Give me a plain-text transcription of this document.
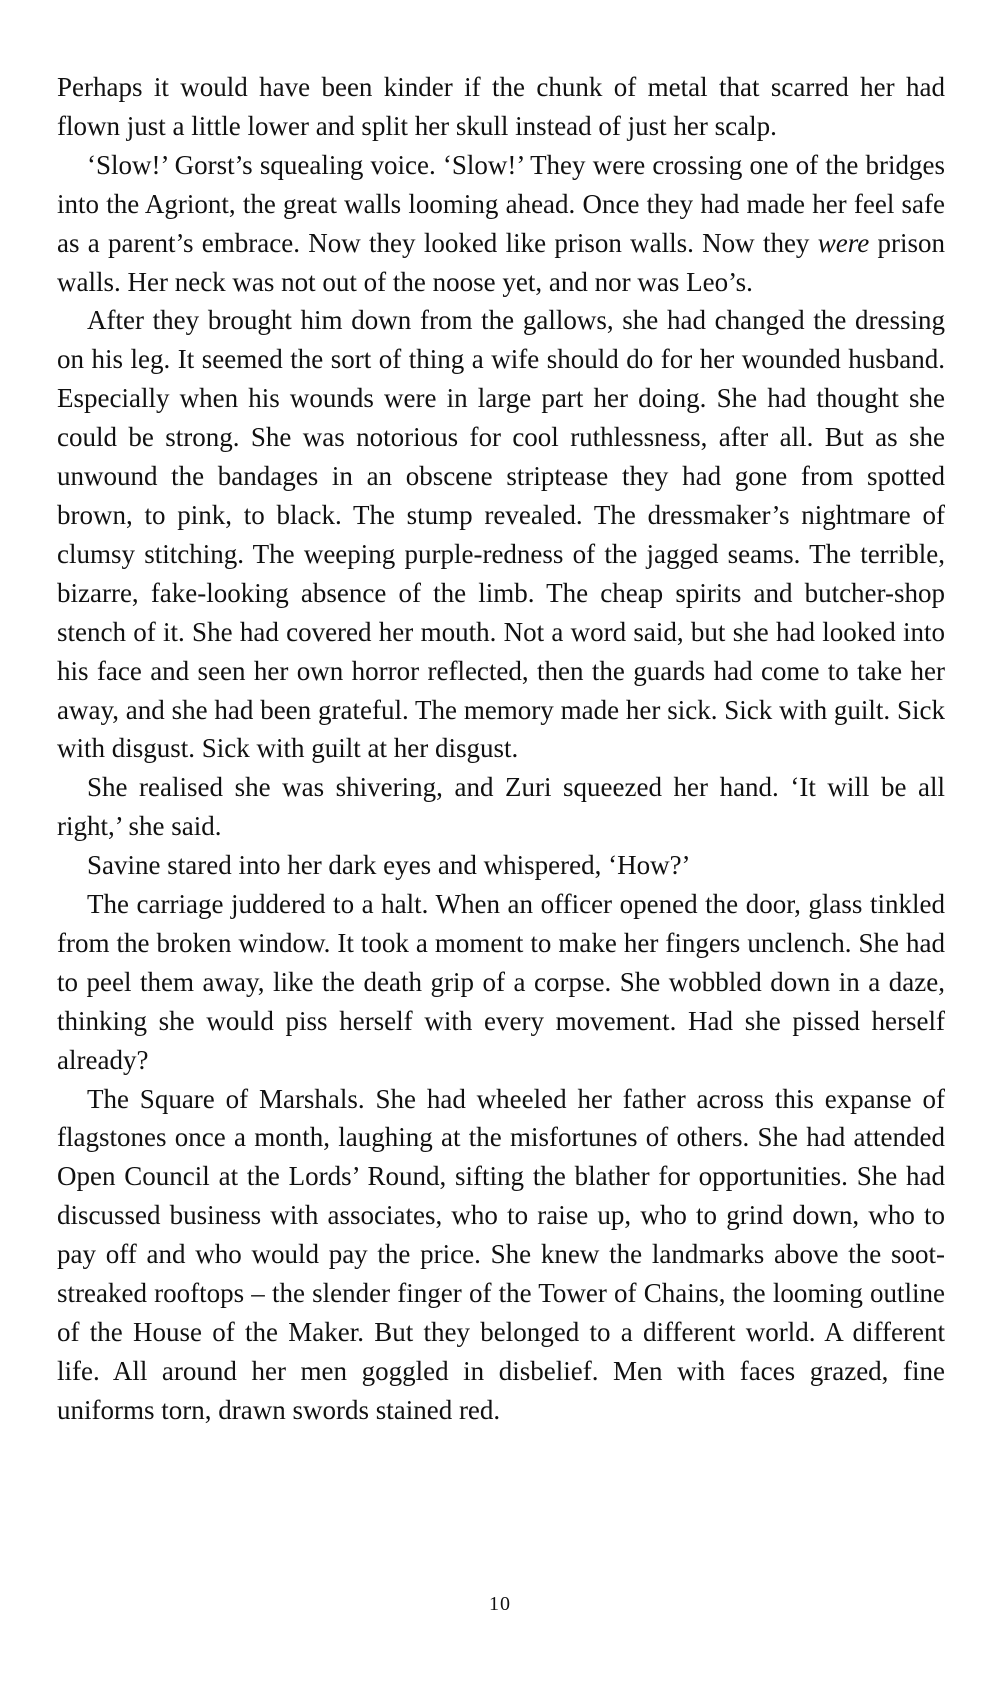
Perhaps it would have been kinder if the chunk of metal that scarred her had flown just a little lower and split her skull instead of just her scalp.

‘Slow!’ Gorst’s squealing voice. ‘Slow!’ They were crossing one of the bridges into the Agriont, the great walls looming ahead. Once they had made her feel safe as a parent’s embrace. Now they looked like prison walls. Now they were prison walls. Her neck was not out of the noose yet, and nor was Leo’s.

After they brought him down from the gallows, she had changed the dressing on his leg. It seemed the sort of thing a wife should do for her wounded husband. Especially when his wounds were in large part her doing. She had thought she could be strong. She was notorious for cool ruthlessness, after all. But as she unwound the bandages in an obscene striptease they had gone from spotted brown, to pink, to black. The stump revealed. The dressmaker’s nightmare of clumsy stitching. The weeping purple-redness of the jagged seams. The terrible, bizarre, fake-looking absence of the limb. The cheap spirits and butcher-shop stench of it. She had covered her mouth. Not a word said, but she had looked into his face and seen her own horror reflected, then the guards had come to take her away, and she had been grateful. The memory made her sick. Sick with guilt. Sick with disgust. Sick with guilt at her disgust.

She realised she was shivering, and Zuri squeezed her hand. ‘It will be all right,’ she said.

Savine stared into her dark eyes and whispered, ‘How?’

The carriage juddered to a halt. When an officer opened the door, glass tinkled from the broken window. It took a moment to make her fingers unclench. She had to peel them away, like the death grip of a corpse. She wobbled down in a daze, thinking she would piss herself with every movement. Had she pissed herself already?

The Square of Marshals. She had wheeled her father across this expanse of flagstones once a month, laughing at the misfortunes of others. She had attended Open Council at the Lords’ Round, sifting the blather for opportunities. She had discussed business with associates, who to raise up, who to grind down, who to pay off and who would pay the price. She knew the landmarks above the soot-streaked rooftops – the slender finger of the Tower of Chains, the looming outline of the House of the Maker. But they belonged to a different world. A different life. All around her men goggled in disbelief. Men with faces grazed, fine uniforms torn, drawn swords stained red.

10
